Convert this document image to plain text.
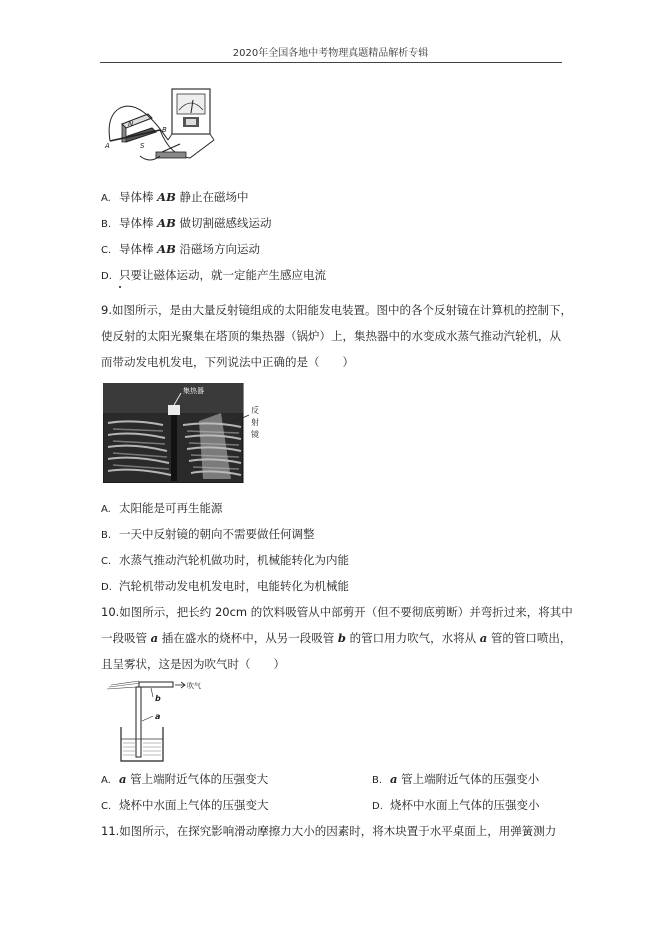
2020年全国各地中考物理真题精品解析专辑
N
S
A
B
A. 导体棒 AB 静止在磁场中
B. 导体棒 AB 做切割磁感线运动
C. 导体棒 AB 沿磁场方向运动
D. 只要让磁体运动，就一定能产生感应电流
9.如图所示，是由大量反射镜组成的太阳能发电装置。图中的各个反射镜在计算机的控制下，
使反射的太阳光聚集在塔顶的集热器（锅炉）上，集热器中的水变成水蒸气推动汽轮机，从
而带动发电机发电，下列说法中正确的是（　　）
集热器
反
射
镜
A. 太阳能是可再生能源
B. 一天中反射镜的朝向不需要做任何调整
C. 水蒸气推动汽轮机做功时，机械能转化为内能
D. 汽轮机带动发电机发电时，电能转化为机械能
10.如图所示，把长约 20cm 的饮料吸管从中部剪开（但不要彻底剪断）并弯折过来，将其中
一段吸管 a 插在盛水的烧杯中，从另一段吸管 b 的管口用力吹气，水将从 a 管的管口喷出，
且呈雾状，这是因为吹气时（　　）
吹气
b
a
A. a 管上端附近气体的压强变大	B. a 管上端附近气体的压强变小
C. 烧杯中水面上气体的压强变大	D. 烧杯中水面上气体的压强变小
11.如图所示，在探究影响滑动摩擦力大小的因素时，将木块置于水平桌面上，用弹簧测力
